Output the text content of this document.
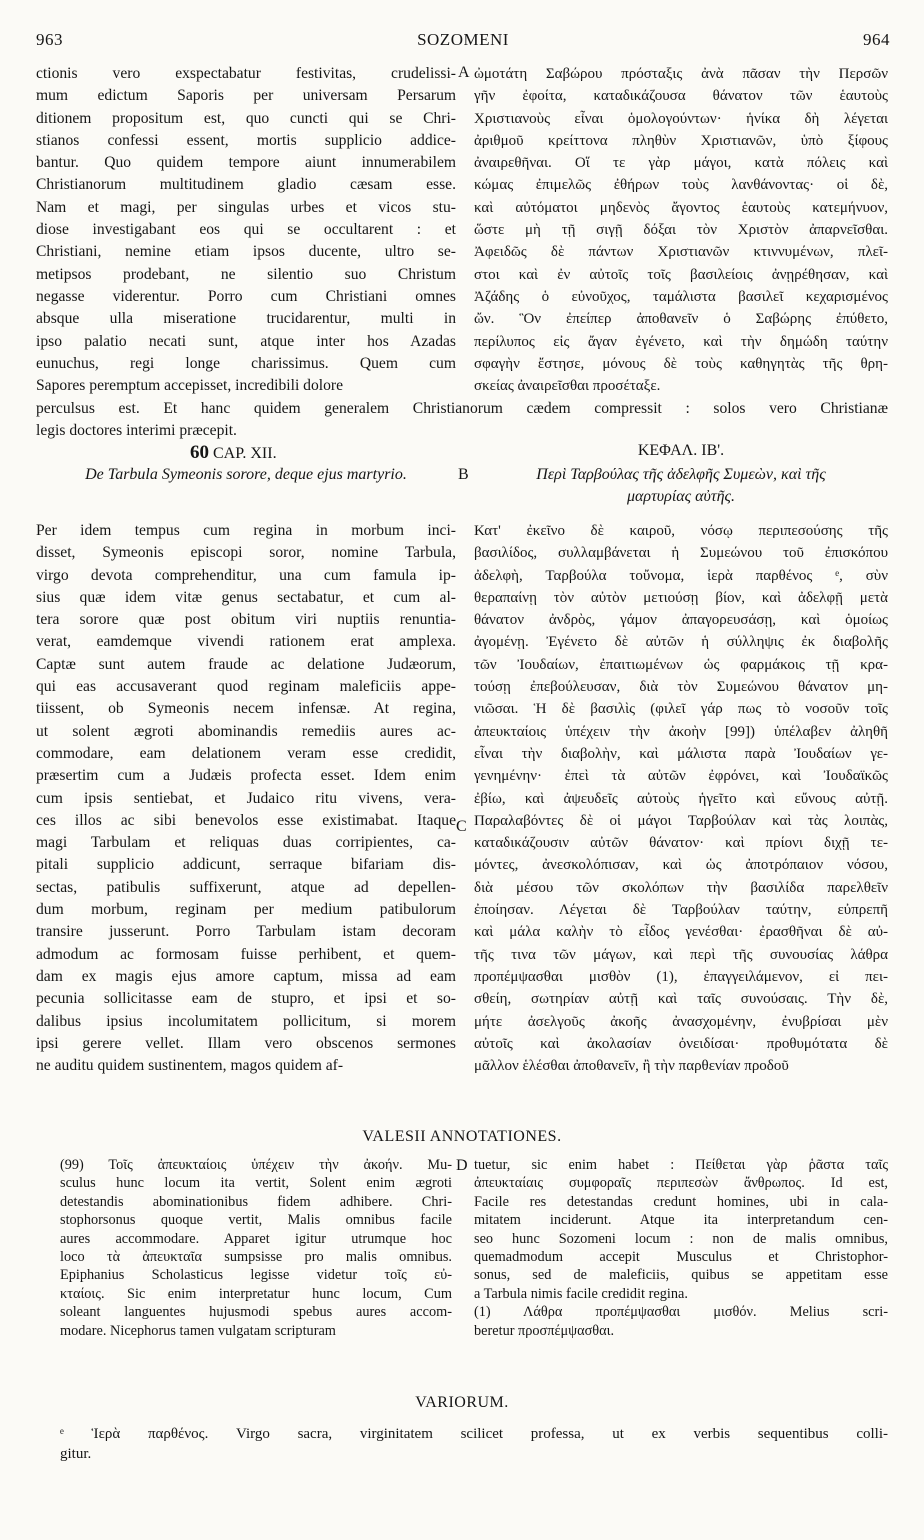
SOZOMENI
963	964
A
B
C
D
ctionis vero exspectabatur festivitas, crudelissi-
mum edictum Saporis per universam Persarum
ditionem propositum est, quo cuncti qui se Chri-
stianos confessi essent, mortis supplicio addice-
bantur. Quo quidem tempore aiunt innumerabilem
Christianorum multitudinem gladio cæsam esse.
Nam et magi, per singulas urbes et vicos stu-
diose investigabant eos qui se occultarent : et
Christiani, nemine etiam ipsos ducente, ultro se-
metipsos prodebant, ne silentio suo Christum
negasse viderentur. Porro cum Christiani omnes
absque ulla miseratione trucidarentur, multi in
ipso palatio necati sunt, atque inter hos Azadas
eunuchus, regi longe charissimus. Quem cum
Sapores peremptum accepisset, incredibili dolore
ὠμοτάτη Σαβώρου πρόσταξις ἀνὰ πᾶσαν τὴν Περσῶν
γῆν ἐφοίτα, καταδικάζουσα θάνατον τῶν ἑαυτοὺς
Χριστιανοὺς εἶναι ὁμολογούντων· ἡνίκα δὴ λέγεται
ἀριθμοῦ κρείττονα πληθὺν Χριστιανῶν, ὑπὸ ξίφους
ἀναιρεθῆναι. Οἵ τε γὰρ μάγοι, κατὰ πόλεις καὶ
κώμας ἐπιμελῶς ἐθήρων τοὺς λανθάνοντας· οἱ δὲ,
καὶ αὐτόματοι μηδενὸς ἄγοντος ἑαυτοὺς κατεμήνυον,
ὥστε μὴ τῇ σιγῇ δόξαι τὸν Χριστὸν ἀπαρνεῖσθαι.
Ἀφειδῶς δὲ πάντων Χριστιανῶν κτιννυμένων, πλεῖ-
στοι καὶ ἐν αὐτοῖς τοῖς βασιλείοις ἀνῃρέθησαν, καὶ
Ἀζάδης ὁ εὐνοῦχος, ταμάλιστα βασιλεῖ κεχαρισμένος
ὤν. Ὃν ἐπείπερ ἀποθανεῖν ὁ Σαβώρης ἐπύθετο,
περίλυπος εἰς ἄγαν ἐγένετο, καὶ τὴν δημώδη ταύτην
σφαγὴν ἔστησε, μόνους δὲ τοὺς καθηγητὰς τῆς θρη-
σκείας ἀναιρεῖσθαι προσέταξε.
perculsus est. Et hanc quidem generalem Christianorum cædem compressit : solos vero Christianæ
legis doctores interimi præcepit.
60 CAP. XII.
De Tarbula Symeonis sorore, deque ejus martyrio.
ΚΕΦΑΛ. ΙΒ'.
Περὶ Ταρβούλας τῆς ἀδελφῆς Συμεὼν, καὶ τῆς
μαρτυρίας αὐτῆς.
Per idem tempus cum regina in morbum inci-
disset, Symeonis episcopi soror, nomine Tarbula,
virgo devota comprehenditur, una cum famula ip-
sius quæ idem vitæ genus sectabatur, et cum al-
tera sorore quæ post obitum viri nuptiis renuntia-
verat, eamdemque vivendi rationem erat amplexa.
Captæ sunt autem fraude ac delatione Judæorum,
qui eas accusaverant quod reginam maleficiis appe-
tiissent, ob Symeonis necem infensæ. At regina,
ut solent ægroti abominandis remediis aures ac-
commodare, eam delationem veram esse credidit,
præsertim cum a Judæis profecta esset. Idem enim
cum ipsis sentiebat, et Judaico ritu vivens, vera-
ces illos ac sibi benevolos esse existimabat. Itaque
magi Tarbulam et reliquas duas corripientes, ca-
pitali supplicio addicunt, serraque bifariam dis-
sectas, patibulis suffixerunt, atque ad depellen-
dum morbum, reginam per medium patibulorum
transire jusserunt. Porro Tarbulam istam decoram
admodum ac formosam fuisse perhibent, et quem-
dam ex magis ejus amore captum, missa ad eam
pecunia sollicitasse eam de stupro, et ipsi et so-
dalibus ipsius incolumitatem pollicitum, si morem
ipsi gerere vellet. Illam vero obscenos sermones
ne auditu quidem sustinentem, magos quidem af-
Κατ' ἐκεῖνο δὲ καιροῦ, νόσῳ περιπεσούσης τῆς
βασιλίδος, συλλαμβάνεται ἡ Συμεώνου τοῦ ἐπισκόπου
ἀδελφὴ, Ταρβούλα τοὔνομα, ἱερὰ παρθένος ᵉ, σὺν
θεραπαίνῃ τὸν αὐτὸν μετιούσῃ βίον, καὶ ἀδελφῇ μετὰ
θάνατον ἀνδρὸς, γάμον ἀπαγορευσάσῃ, καὶ ὁμοίως
ἀγομένῃ. Ἐγένετο δὲ αὐτῶν ἡ σύλληψις ἐκ διαβολῆς
τῶν Ἰουδαίων, ἐπαιτιωμένων ὡς φαρμάκοις τῇ κρα-
τούσῃ ἐπεβούλευσαν, διὰ τὸν Συμεώνου θάνατον μη-
νιῶσαι. Ἡ δὲ βασιλὶς (φιλεῖ γάρ πως τὸ νοσοῦν τοῖς
ἀπευκταίοις ὑπέχειν τὴν ἀκοὴν [99]) ὑπέλαβεν ἀληθῆ
εἶναι τὴν διαβολὴν, καὶ μάλιστα παρὰ Ἰουδαίων γε-
γενημένην· ἐπεὶ τὰ αὐτῶν ἐφρόνει, καὶ Ἰουδαϊκῶς
ἐβίω, καὶ ἀψευδεῖς αὐτοὺς ἡγεῖτο καὶ εὔνους αὐτῇ.
Παραλαβόντες δὲ οἱ μάγοι Ταρβούλαν καὶ τὰς λοιπὰς,
καταδικάζουσιν αὐτῶν θάνατον· καὶ πρίονι διχῇ τε-
μόντες, ἀνεσκολόπισαν, καὶ ὡς ἀποτρόπαιον νόσου,
διὰ μέσου τῶν σκολόπων τὴν βασιλίδα παρελθεῖν
ἐποίησαν. Λέγεται δὲ Ταρβούλαν ταύτην, εὐπρεπῆ
καὶ μάλα καλὴν τὸ εἶδος γενέσθαι· ἐρασθῆναι δὲ αὐ-
τῆς τινα τῶν μάγων, καὶ περὶ τῆς συνουσίας λάθρα
προπέμψασθαι μισθὸν (1), ἐπαγγειλάμενον, εἰ πει-
σθείη, σωτηρίαν αὐτῇ καὶ ταῖς συνούσαις. Τὴν δὲ,
μήτε ἀσελγοῦς ἀκοῆς ἀνασχομένην, ἐνυβρίσαι μὲν
αὐτοῖς καὶ ἀκολασίαν ὀνειδίσαι· προθυμότατα δὲ
μᾶλλον ἑλέσθαι ἀποθανεῖν, ἢ τὴν παρθενίαν προδοῦ
VALESII ANNOTATIONES.
(99) Τοῖς ἀπευκταίοις ὑπέχειν τὴν ἀκοήν. Mu-
sculus hunc locum ita vertit, Solent enim ægroti
detestandis abominationibus fidem adhibere. Chri-
stophorsonus quoque vertit, Malis omnibus facile
aures accommodare. Apparet igitur utrumque hoc
loco τὰ ἀπευκταῖα sumpsisse pro malis omnibus.
Epiphanius Scholasticus legisse videtur τοῖς εὐ-
κταίοις. Sic enim interpretatur hunc locum, Cum
soleant languentes hujusmodi spebus aures accom-
modare. Nicephorus tamen vulgatam scripturam
tuetur, sic enim habet : Πείθεται γὰρ ῥᾶστα ταῖς
ἀπευκταίαις συμφοραῖς περιπεσὼν ἄνθρωπος. Id est,
Facile res detestandas credunt homines, ubi in cala-
mitatem inciderunt. Atque ita interpretandum cen-
seo hunc Sozomeni locum : non de malis omnibus,
quemadmodum accepit Musculus et Christophor-
sonus, sed de maleficiis, quibus se appetitam esse
a Tarbula nimis facile credidit regina.
(1) Λάθρα προπέμψασθαι μισθόν. Melius scri-
beretur προσπέμψασθαι.
VARIORUM.
ᵉ Ἱερὰ παρθένος. Virgo sacra, virginitatem scilicet professa, ut ex verbis sequentibus colli-
gitur.
